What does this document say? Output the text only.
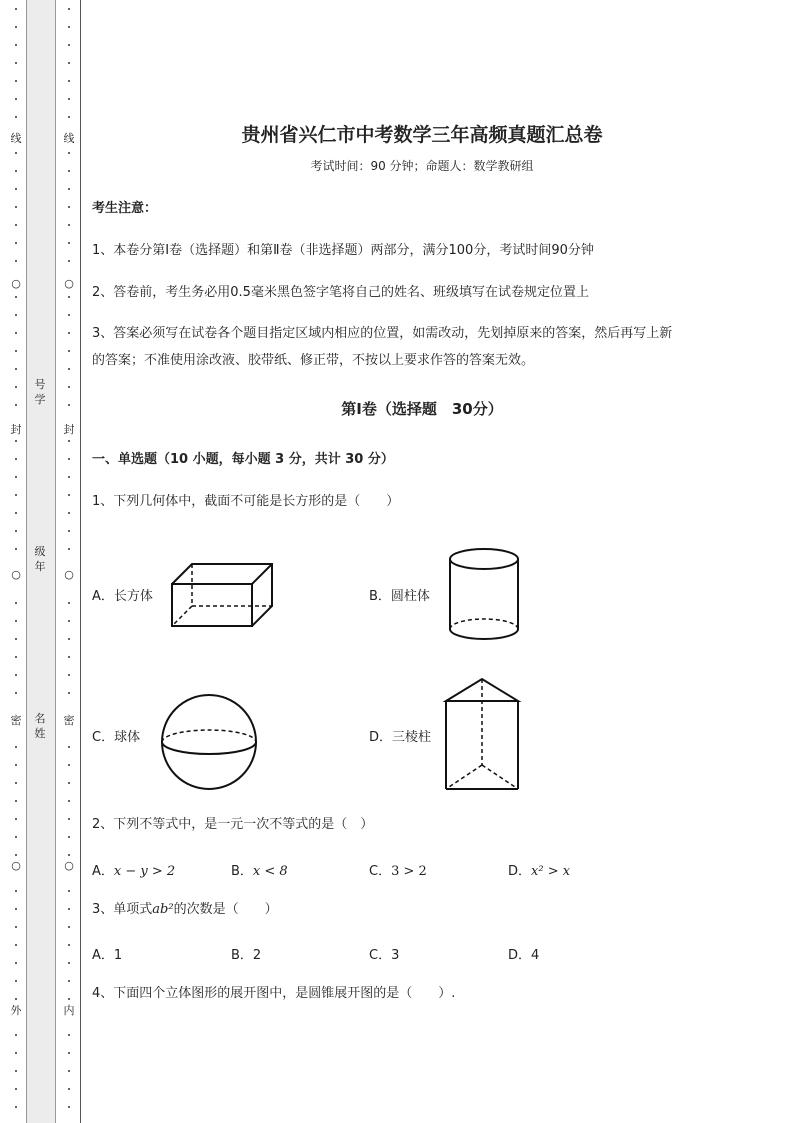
线
○
封
○
密
○
外
号
学
级
年
名
姓
线
○
封
○
密
○
内
贵州省兴仁市中考数学三年高频真题汇总卷
考试时间：90 分钟；命题人：数学教研组
考生注意：
1、本卷分第Ⅰ卷（选择题）和第Ⅱ卷（非选择题）两部分，满分100分，考试时间90分钟
2、答卷前，考生务必用0.5毫米黑色签字笔将自己的姓名、班级填写在试卷规定位置上
3、答案必须写在试卷各个题目指定区域内相应的位置，如需改动，先划掉原来的答案，然后再写上新
的答案；不准使用涂改液、胶带纸、修正带，不按以上要求作答的答案无效。
第Ⅰ卷（选择题　30分）
一、单选题（10 小题，每小题 3 分，共计 30 分）
1、下列几何体中，截面不可能是长方形的是（　　）
A．长方体	B．圆柱体
C．球体	D．三棱柱
2、下列不等式中，是一元一次不等式的是（　）
A．x − y > 2	B．x < 8	C．3 > 2	D．x² > x
3、单项式ab²的次数是（　　）
A．1	B．2	C．3	D．4
4、下面四个立体图形的展开图中，是圆锥展开图的是（　　）.
